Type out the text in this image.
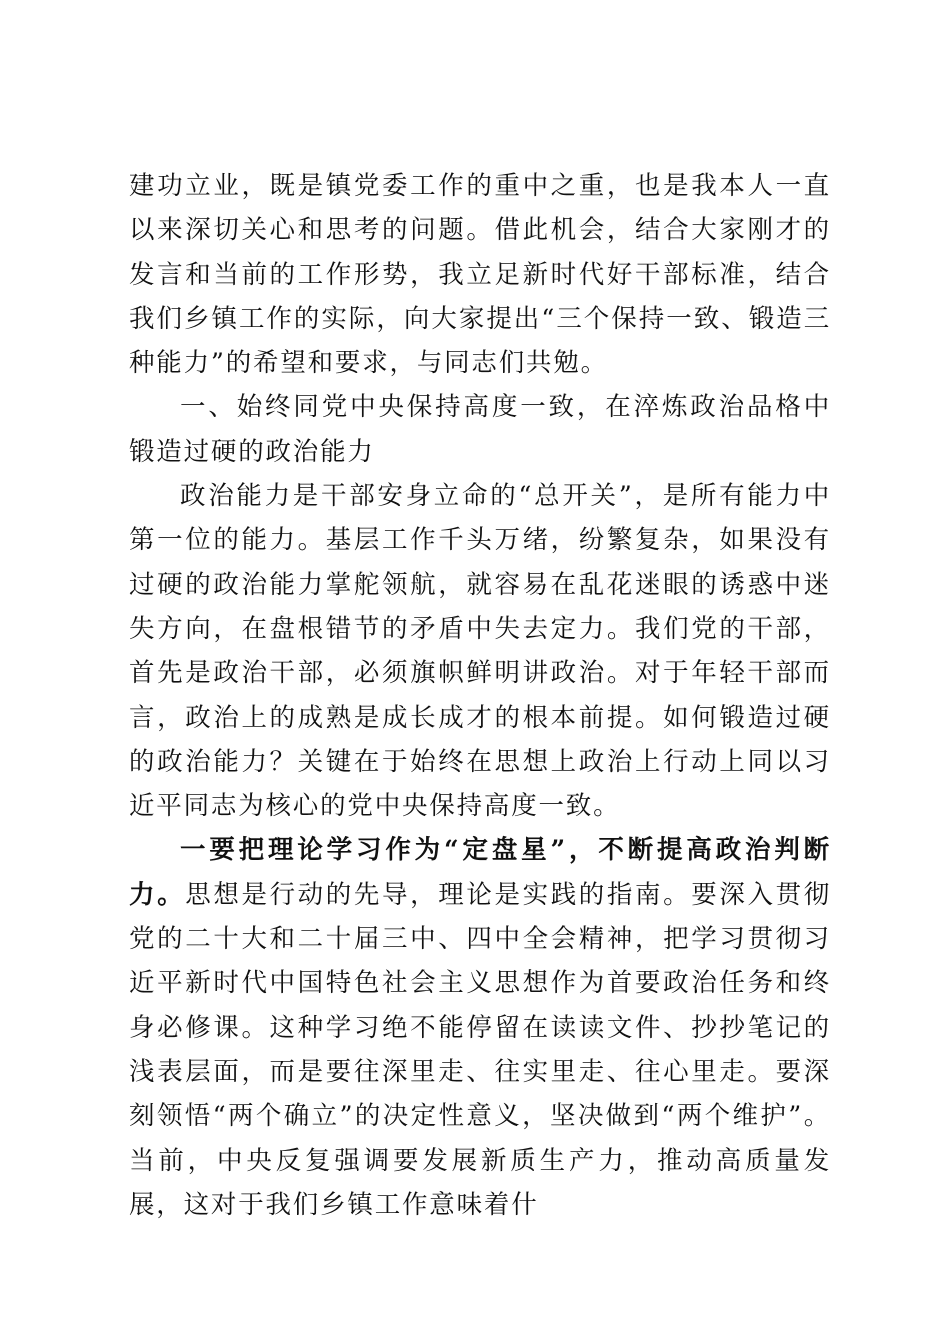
建功立业，既是镇党委工作的重中之重，也是我本人一直以来深切关心和思考的问题。借此机会，结合大家刚才的发言和当前的工作形势，我立足新时代好干部标准，结合我们乡镇工作的实际，向大家提出“三个保持一致、锻造三种能力”的希望和要求，与同志们共勉。

一、始终同党中央保持高度一致，在淬炼政治品格中锻造过硬的政治能力

政治能力是干部安身立命的“总开关”，是所有能力中第一位的能力。基层工作千头万绪，纷繁复杂，如果没有过硬的政治能力掌舵领航，就容易在乱花迷眼的诱惑中迷失方向，在盘根错节的矛盾中失去定力。我们党的干部，首先是政治干部，必须旗帜鲜明讲政治。对于年轻干部而言，政治上的成熟是成长成才的根本前提。如何锻造过硬的政治能力？关键在于始终在思想上政治上行动上同以习近平同志为核心的党中央保持高度一致。

一要把理论学习作为“定盘星”，不断提高政治判断力。思想是行动的先导，理论是实践的指南。要深入贯彻党的二十大和二十届三中、四中全会精神，把学习贯彻习近平新时代中国特色社会主义思想作为首要政治任务和终身必修课。这种学习绝不能停留在读读文件、抄抄笔记的浅表层面，而是要往深里走、往实里走、往心里走。要深刻领悟“两个确立”的决定性意义，坚决做到“两个维护”。当前，中央反复强调要发展新质生产力，推动高质量发展，这对于我们乡镇工作意味着什
